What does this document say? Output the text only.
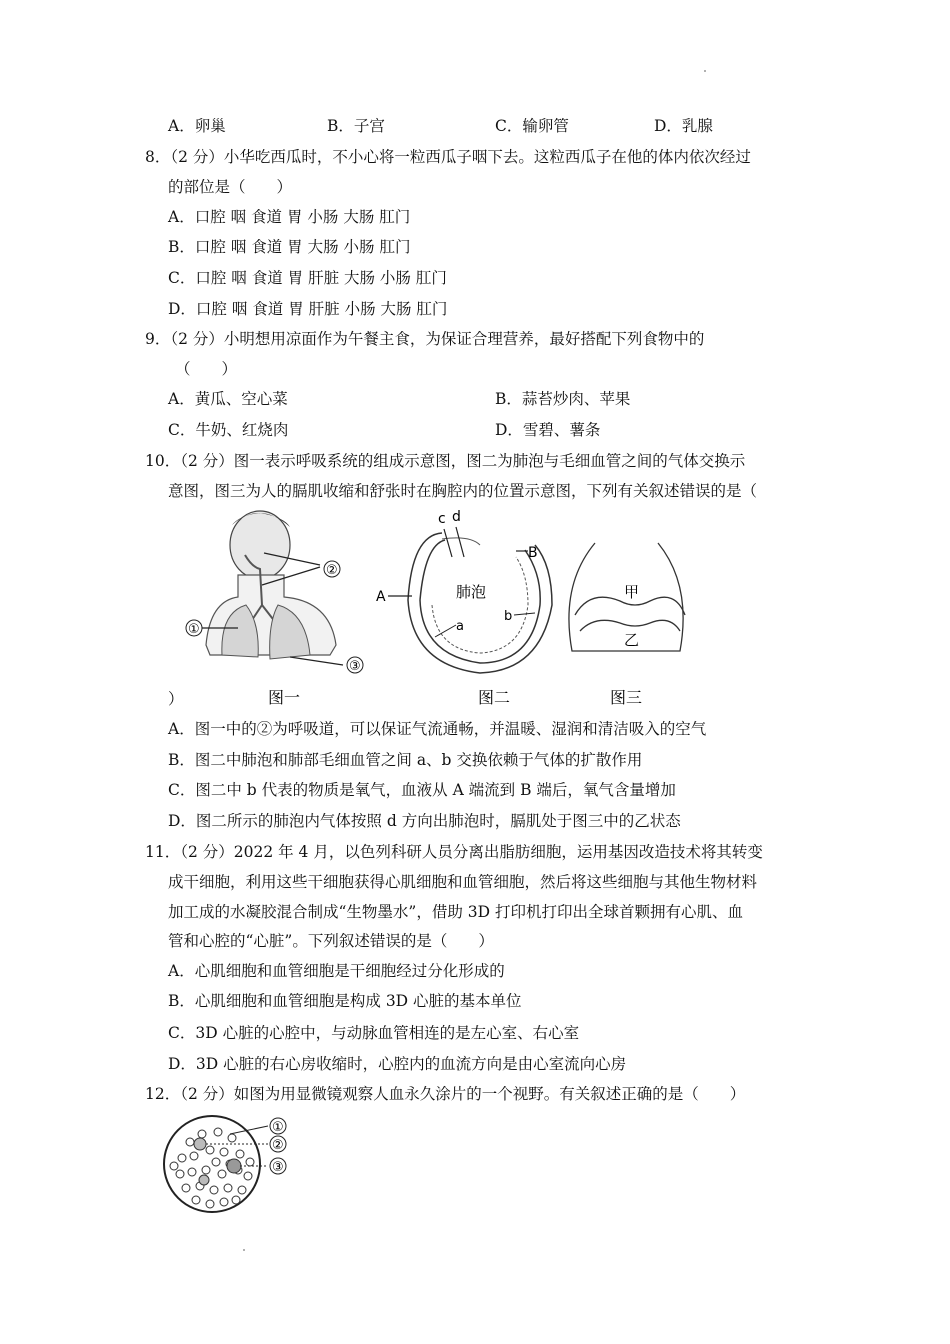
A．卵巢	B．子宫	C．输卵管	D．乳腺
8．（2 分）小华吃西瓜时，不小心将一粒西瓜子咽下去。这粒西瓜子在他的体内依次经过
的部位是（　　）
A．口腔 咽 食道 胃 小肠 大肠 肛门
B．口腔 咽 食道 胃 大肠 小肠 肛门
C．口腔 咽 食道 胃 肝脏 大肠 小肠 肛门
D．口腔 咽 食道 胃 肝脏 小肠 大肠 肛门
9．（2 分）小明想用凉面作为午餐主食，为保证合理营养，最好搭配下列食物中的
（　　）
A．黄瓜、空心菜	B．蒜苔炒肉、苹果
C．牛奶、红烧肉	D．雪碧、薯条
10．（2 分）图一表示呼吸系统的组成示意图，图二为肺泡与毛细血管之间的气体交换示
意图，图三为人的膈肌收缩和舒张时在胸腔内的位置示意图，下列有关叙述错误的是（
②
①
③
c d
B
A	肺泡
a
b
甲
乙
图一	图二	图三
）
A．图一中的②为呼吸道，可以保证气流通畅，并温暖、湿润和清洁吸入的空气
B．图二中肺泡和肺部毛细血管之间 a、b 交换依赖于气体的扩散作用
C．图二中 b 代表的物质是氧气，血液从 A 端流到 B 端后，氧气含量增加
D．图二所示的肺泡内气体按照 d 方向出肺泡时，膈肌处于图三中的乙状态
11．（2 分）2022 年 4 月，以色列科研人员分离出脂肪细胞，运用基因改造技术将其转变
成干细胞，利用这些干细胞获得心肌细胞和血管细胞，然后将这些细胞与其他生物材料
加工成的水凝胶混合制成“生物墨水”，借助 3D 打印机打印出全球首颗拥有心肌、血
管和心腔的“心脏”。下列叙述错误的是（　　）
A．心肌细胞和血管细胞是干细胞经过分化形成的
B．心肌细胞和血管细胞是构成 3D 心脏的基本单位
C．3D 心脏的心腔中，与动脉血管相连的是左心室、右心室
D．3D 心脏的右心房收缩时，心腔内的血流方向是由心室流向心房
12．（2 分）如图为用显微镜观察人血永久涂片的一个视野。有关叙述正确的是（　　）
①
②
③
